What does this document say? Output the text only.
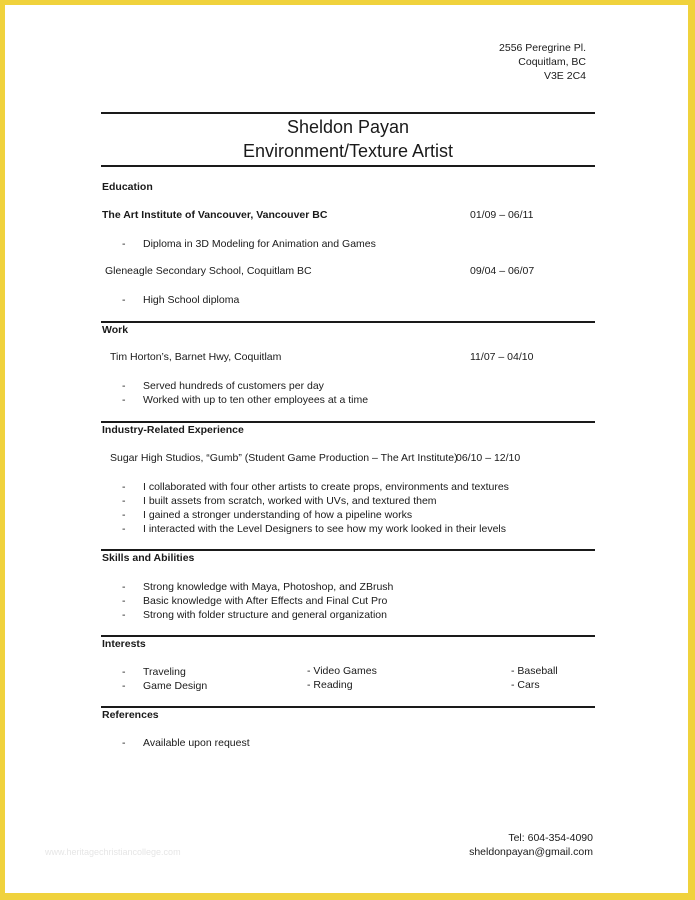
2556 Peregrine Pl.
Coquitlam, BC
V3E 2C4
Sheldon Payan
Environment/Texture Artist
Education
The Art Institute of Vancouver, Vancouver BC	01/09 – 06/11
- Diploma in 3D Modeling for Animation and Games
Gleneagle Secondary School, Coquitlam BC	09/04 – 06/07
- High School diploma
Work
Tim Horton’s, Barnet Hwy, Coquitlam	11/07 – 04/10
- Served hundreds of customers per day
- Worked with up to ten other employees at a time
Industry-Related Experience
Sugar High Studios, “Gumb” (Student Game Production – The Art Institute)
06/10 – 12/10
- I collaborated with four other artists to create props, environments and textures
- I built assets from scratch, worked with UVs, and textured them
- I gained a stronger understanding of how a pipeline works
- I interacted with the Level Designers to see how my work looked in their levels
Skills and Abilities
- Strong knowledge with Maya, Photoshop, and ZBrush
- Basic knowledge with After Effects and Final Cut Pro
- Strong with folder structure and general organization
Interests
- Traveling
- Game Design
- Video Games
- Reading
- Baseball
- Cars
References
- Available upon request
Tel: 604-354-4090
sheldonpayan@gmail.com
www.heritagechristiancollege.com
